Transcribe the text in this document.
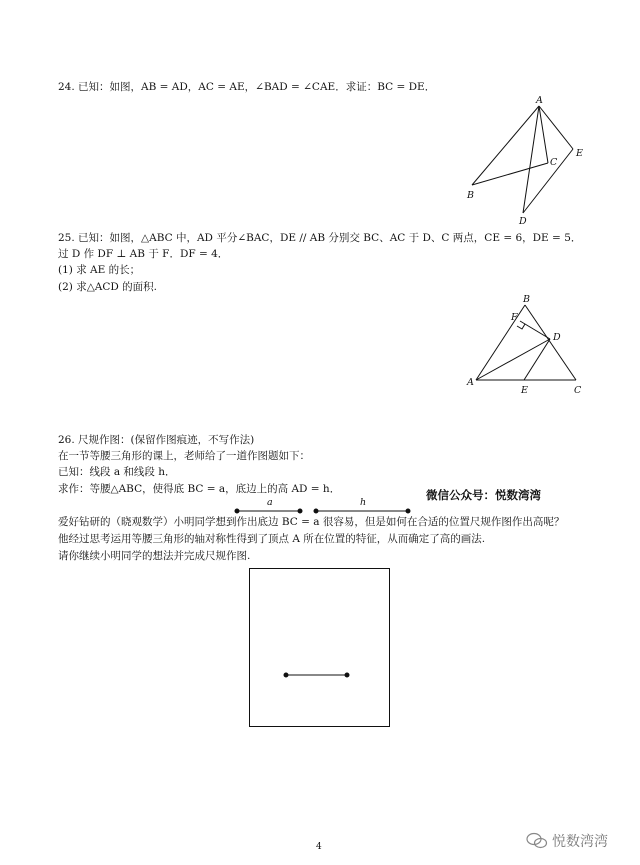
24. 已知：如图，AB = AD，AC = AE，∠BAD = ∠CAE．求证：BC = DE．
A
B
C
D
E
25. 已知：如图，△ABC 中，AD 平分∠BAC，DE // AB 分别交 BC、AC 于 D、C 两点，CE = 6，DE = 5．
过 D 作 DF ⊥ AB 于 F．DF = 4．
(1) 求 AE 的长；
(2) 求△ACD 的面积.
A
B
C
D
E
F
26. 尺规作图：(保留作图痕迹，不写作法)
在一节等腰三角形的课上，老师给了一道作图题如下：
已知：线段 a 和线段 h．
求作：等腰△ABC，使得底 BC = a，底边上的高 AD = h．	微信公众号：悦数湾湾
a	h
爱好钻研的（晓观数学）小明同学想到作出底边 BC = a 很容易，但是如何在合适的位置尺规作图作出高呢？
他经过思考运用等腰三角形的轴对称性得到了顶点 A 所在位置的特征，从而确定了高的画法.
请你继续小明同学的想法并完成尺规作图.
4	悦数湾湾
